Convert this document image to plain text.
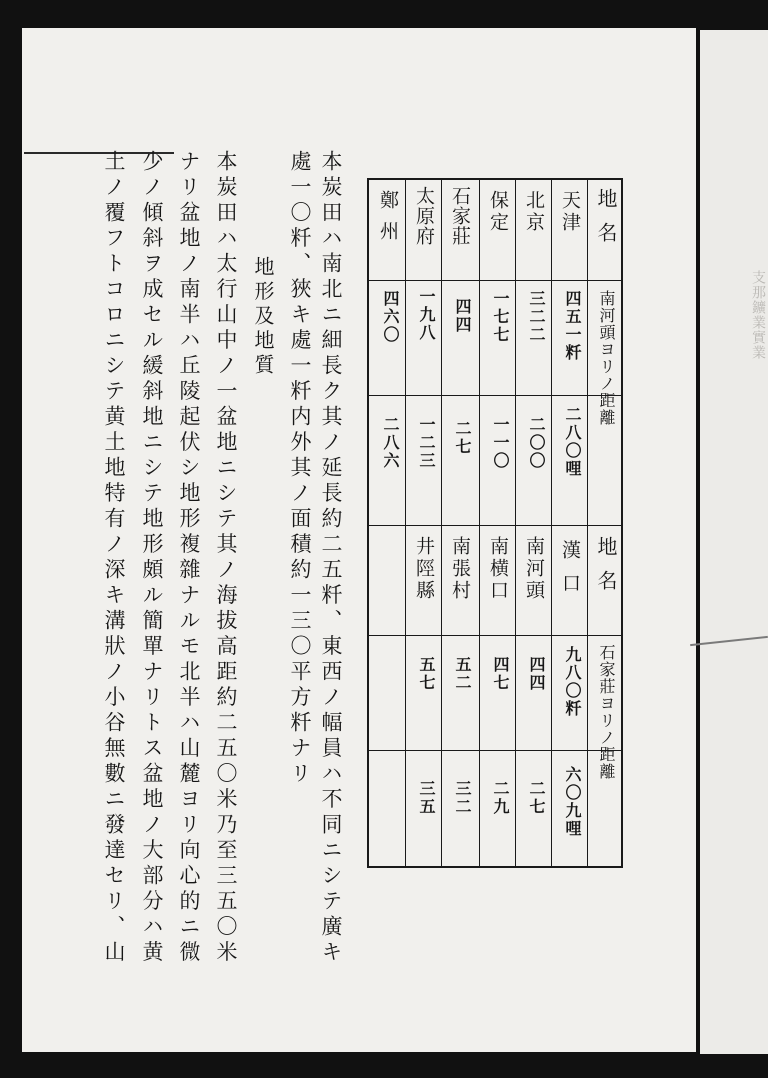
支那鑛業實業
地名
南河頭ヨリノ距離
地名
石家莊ヨリノ距離
天津
四五一粁
二八〇哩
北京
三二二
二〇〇
保定
一七七
一一〇
石家莊
四四
二七
太原府
一九八
一二三
鄭州
四六〇
二八六
漢口
九八〇粁
六〇九哩
南河頭
四四
二七
南横口
四七
二九
南張村
五二
三二
井陘縣
五七
三五
本炭田ハ南北ニ細長ク其ノ延長約二五粁、東西ノ幅員ハ不同ニシテ廣キ
處一〇粁、狹キ處一粁内外其ノ面積約一三〇平方粁ナリ
地形及地質
本炭田ハ太行山中ノ一盆地ニシテ其ノ海拔高距約二五〇米乃至三五〇米
ナリ盆地ノ南半ハ丘陵起伏シ地形複雜ナルモ北半ハ山麓ヨリ向心的ニ微
少ノ傾斜ヲ成セル緩斜地ニシテ地形頗ル簡單ナリトス盆地ノ大部分ハ黄
土ノ覆フトコロニシテ黄土地特有ノ深キ溝狀ノ小谷無數ニ發達セリ、山
